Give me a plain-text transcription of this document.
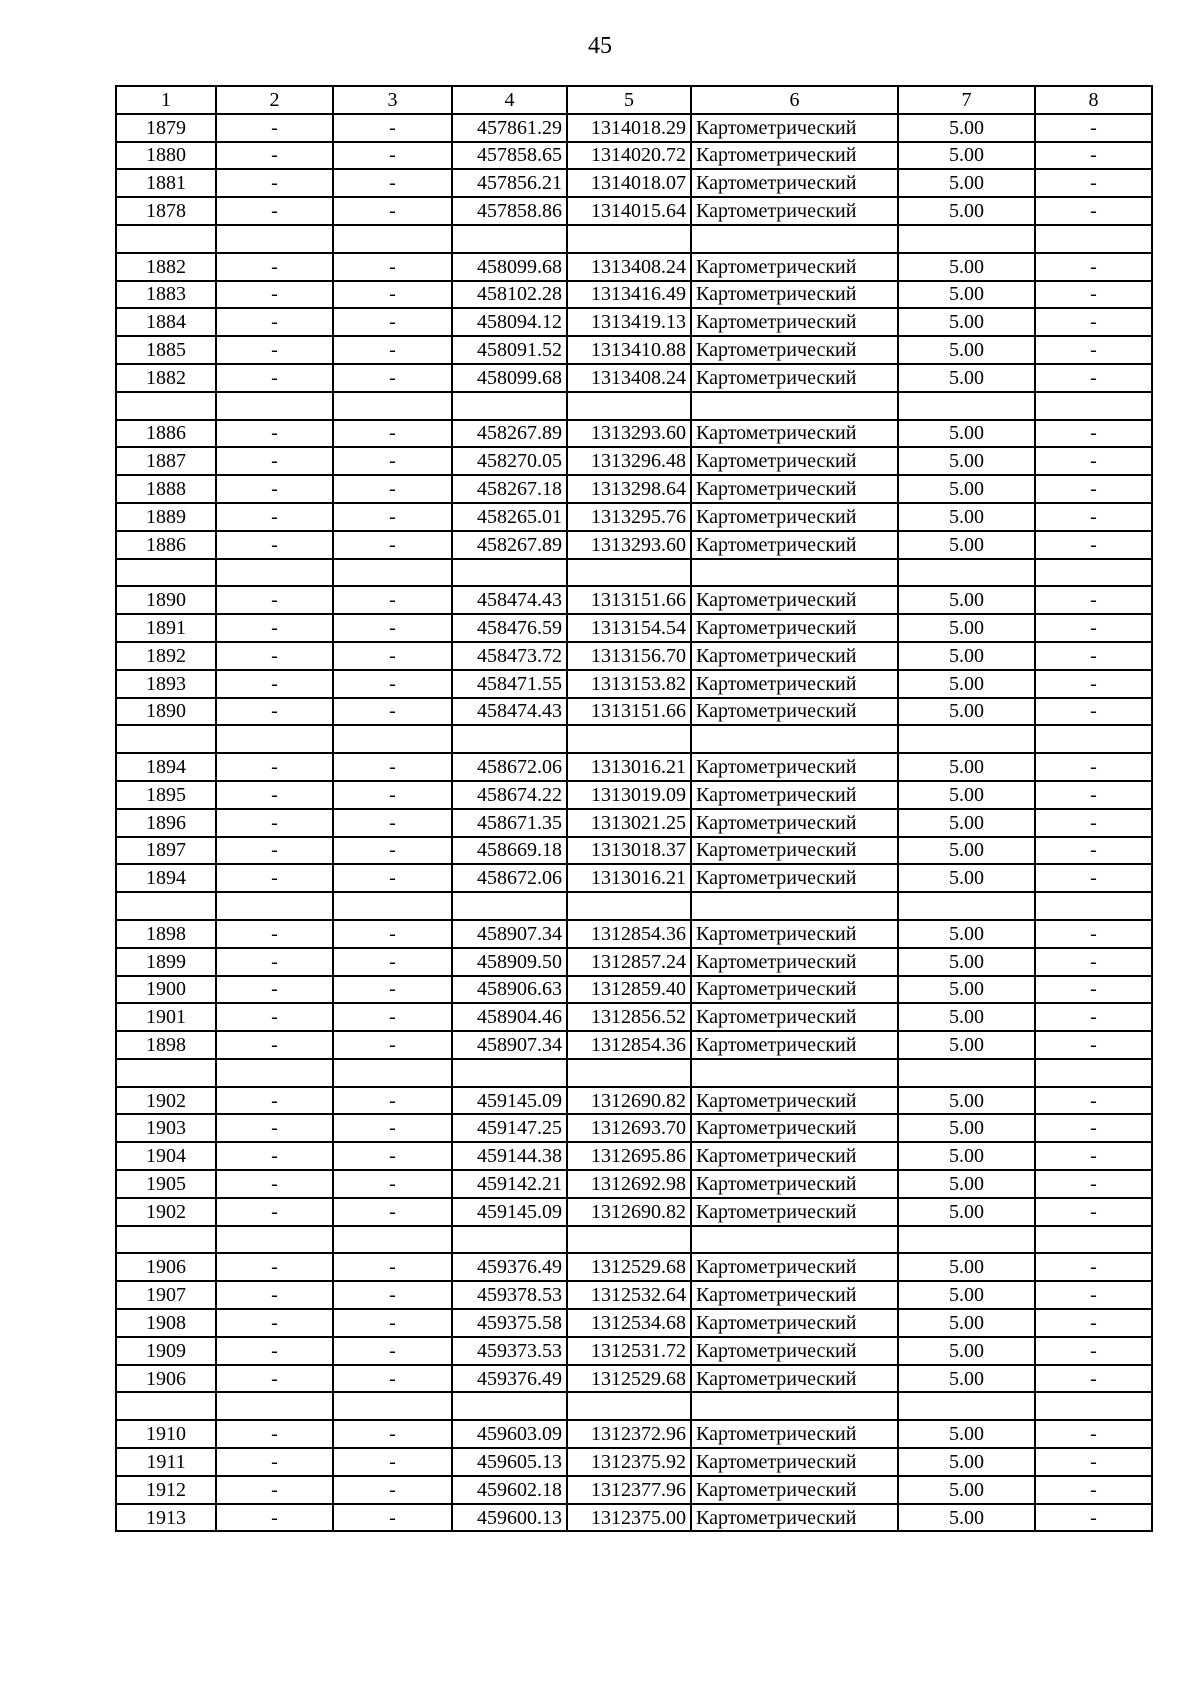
45
1	2	3	4	5	6	7	8
1879	-	-	457861.29	1314018.29	Картометрический	5.00	-
1880	-	-	457858.65	1314020.72	Картометрический	5.00	-
1881	-	-	457856.21	1314018.07	Картометрический	5.00	-
1878	-	-	457858.86	1314015.64	Картометрический	5.00	-

1882	-	-	458099.68	1313408.24	Картометрический	5.00	-
1883	-	-	458102.28	1313416.49	Картометрический	5.00	-
1884	-	-	458094.12	1313419.13	Картометрический	5.00	-
1885	-	-	458091.52	1313410.88	Картометрический	5.00	-
1882	-	-	458099.68	1313408.24	Картометрический	5.00	-

1886	-	-	458267.89	1313293.60	Картометрический	5.00	-
1887	-	-	458270.05	1313296.48	Картометрический	5.00	-
1888	-	-	458267.18	1313298.64	Картометрический	5.00	-
1889	-	-	458265.01	1313295.76	Картометрический	5.00	-
1886	-	-	458267.89	1313293.60	Картометрический	5.00	-

1890	-	-	458474.43	1313151.66	Картометрический	5.00	-
1891	-	-	458476.59	1313154.54	Картометрический	5.00	-
1892	-	-	458473.72	1313156.70	Картометрический	5.00	-
1893	-	-	458471.55	1313153.82	Картометрический	5.00	-
1890	-	-	458474.43	1313151.66	Картометрический	5.00	-

1894	-	-	458672.06	1313016.21	Картометрический	5.00	-
1895	-	-	458674.22	1313019.09	Картометрический	5.00	-
1896	-	-	458671.35	1313021.25	Картометрический	5.00	-
1897	-	-	458669.18	1313018.37	Картометрический	5.00	-
1894	-	-	458672.06	1313016.21	Картометрический	5.00	-

1898	-	-	458907.34	1312854.36	Картометрический	5.00	-
1899	-	-	458909.50	1312857.24	Картометрический	5.00	-
1900	-	-	458906.63	1312859.40	Картометрический	5.00	-
1901	-	-	458904.46	1312856.52	Картометрический	5.00	-
1898	-	-	458907.34	1312854.36	Картометрический	5.00	-

1902	-	-	459145.09	1312690.82	Картометрический	5.00	-
1903	-	-	459147.25	1312693.70	Картометрический	5.00	-
1904	-	-	459144.38	1312695.86	Картометрический	5.00	-
1905	-	-	459142.21	1312692.98	Картометрический	5.00	-
1902	-	-	459145.09	1312690.82	Картометрический	5.00	-

1906	-	-	459376.49	1312529.68	Картометрический	5.00	-
1907	-	-	459378.53	1312532.64	Картометрический	5.00	-
1908	-	-	459375.58	1312534.68	Картометрический	5.00	-
1909	-	-	459373.53	1312531.72	Картометрический	5.00	-
1906	-	-	459376.49	1312529.68	Картометрический	5.00	-

1910	-	-	459603.09	1312372.96	Картометрический	5.00	-
1911	-	-	459605.13	1312375.92	Картометрический	5.00	-
1912	-	-	459602.18	1312377.96	Картометрический	5.00	-
1913	-	-	459600.13	1312375.00	Картометрический	5.00	-
